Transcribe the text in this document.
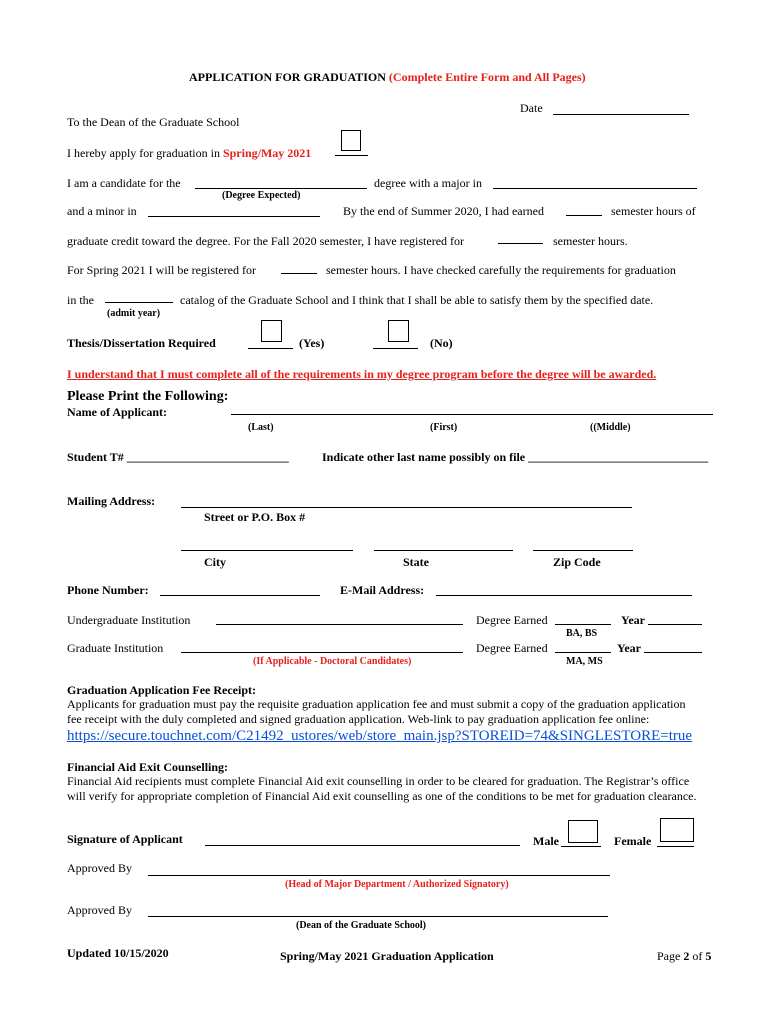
APPLICATION FOR GRADUATION (Complete Entire Form and All Pages)
Date
To the Dean of the Graduate School
I hereby apply for graduation in Spring/May 2021
I am a candidate for the	degree with a major in
(Degree Expected)
and a minor in	By the end of Summer 2020, I had earned	semester hours of
graduate credit toward the degree. For the Fall 2020 semester, I have registered for	semester hours.
For Spring 2021 I will be registered for	semester hours. I have checked carefully the requirements for graduation
in the	catalog of the Graduate School and I think that I shall be able to satisfy them by the specified date.
(admit year)
Thesis/Dissertation Required	(Yes)	(No)
I understand that I must complete all of the requirements in my degree program before the degree will be awarded.
Please Print the Following:
Name of Applicant:
(Last)	(First)	((Middle)
Student T# ___________________________	Indicate other last name possibly on file ______________________________
Mailing Address:
Street or P.O. Box #
City	State	Zip Code
Phone Number:	E-Mail Address:
Undergraduate Institution	Degree Earned	Year
BA, BS
Graduate Institution	Degree Earned	Year
(If Applicable - Doctoral Candidates)	MA, MS
Graduation Application Fee Receipt:
Applicants for graduation must pay the requisite graduation application fee and must submit a copy of the graduation application
fee receipt with the duly completed and signed graduation application. Web-link to pay graduation application fee online:
https://secure.touchnet.com/C21492_ustores/web/store_main.jsp?STOREID=74&SINGLESTORE=true
Financial Aid Exit Counselling:
Financial Aid recipients must complete Financial Aid exit counselling in order to be cleared for graduation. The Registrar’s office
will verify for appropriate completion of Financial Aid exit counselling as one of the conditions to be met for graduation clearance.
Signature of Applicant	Male	Female
Approved By
(Head of Major Department / Authorized Signatory)
Approved By
(Dean of the Graduate School)
Updated 10/15/2020	Spring/May 2021 Graduation Application	Page 2 of 5
